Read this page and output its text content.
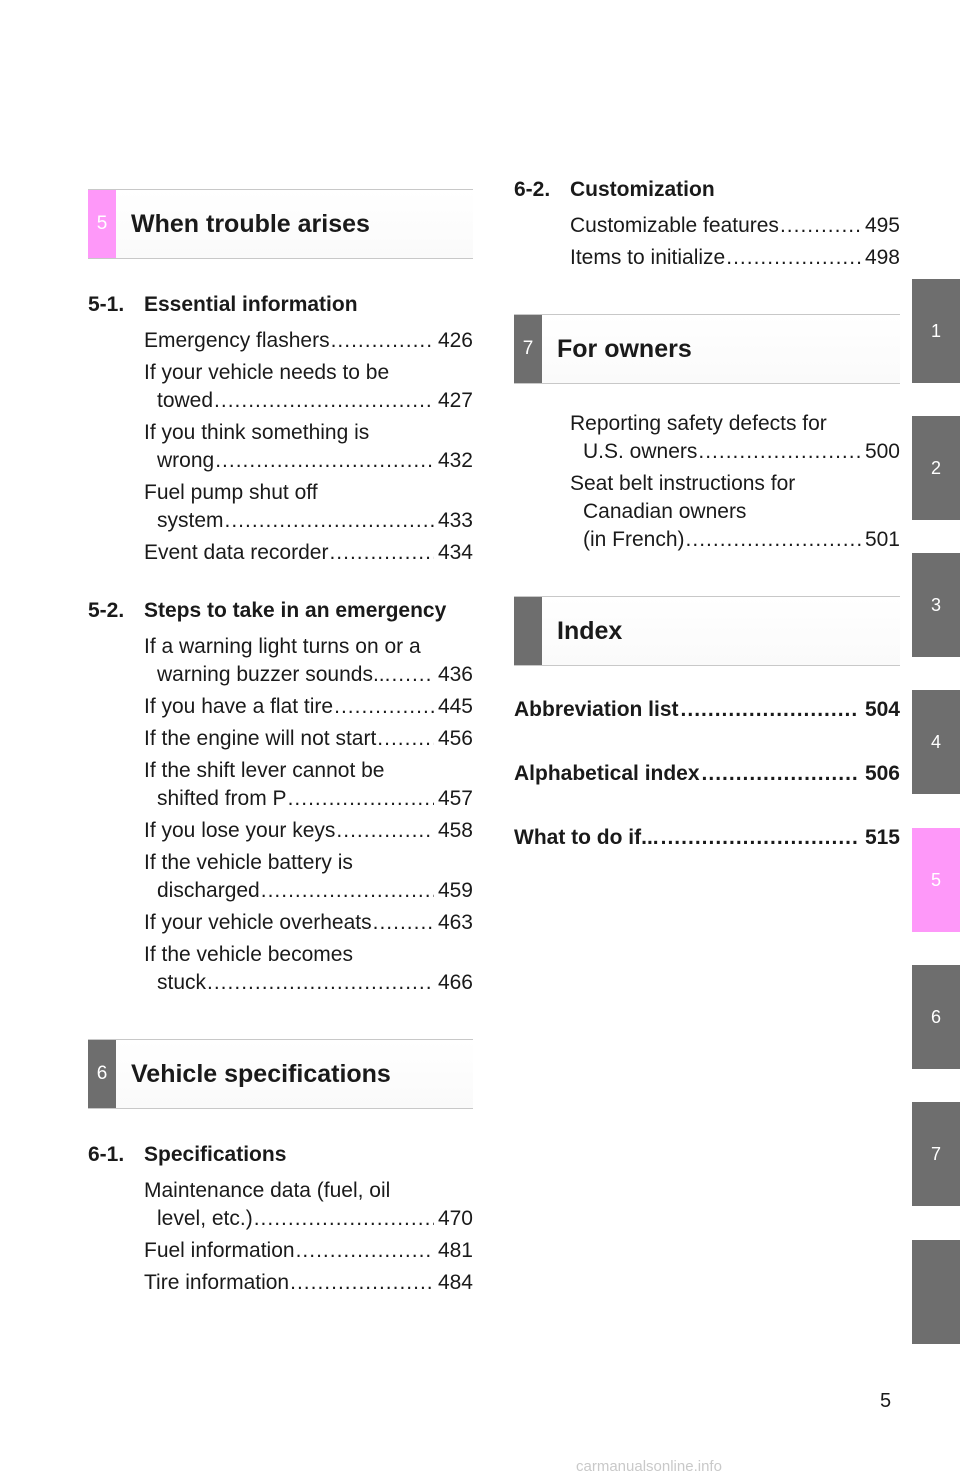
5 When trouble arises
5-1. Essential information
Emergency flashers .....	426
If your vehicle needs to be
towed .....	427
If you think something is
wrong .....	432
Fuel pump shut off
system .....	433
Event data recorder .....	434
5-2. Steps to take in an emergency
If a warning light turns on or a
warning buzzer sounds... ..... 436
If you have a flat tire .....	445
If the engine will not start .....	456
If the shift lever cannot be
shifted from P .....	457
If you lose your keys .....	458
If the vehicle battery is
discharged .....	459
If your vehicle overheats .....	463
If the vehicle becomes
stuck .....	466
6 Vehicle specifications
6-1. Specifications
Maintenance data (fuel, oil
level, etc.) .....	470
Fuel information .....	481
Tire information .....	484
6-2. Customization
Customizable features .....	495
Items to initialize .....	498
7 For owners
Reporting safety defects for
U.S. owners .....	500
Seat belt instructions for
Canadian owners
(in French) .....	501
Index
Abbreviation list .....	504
Alphabetical index .....	506
What to do if... .....	515
1
2
3
4
5
6
7
5
carmanualsonline.info
